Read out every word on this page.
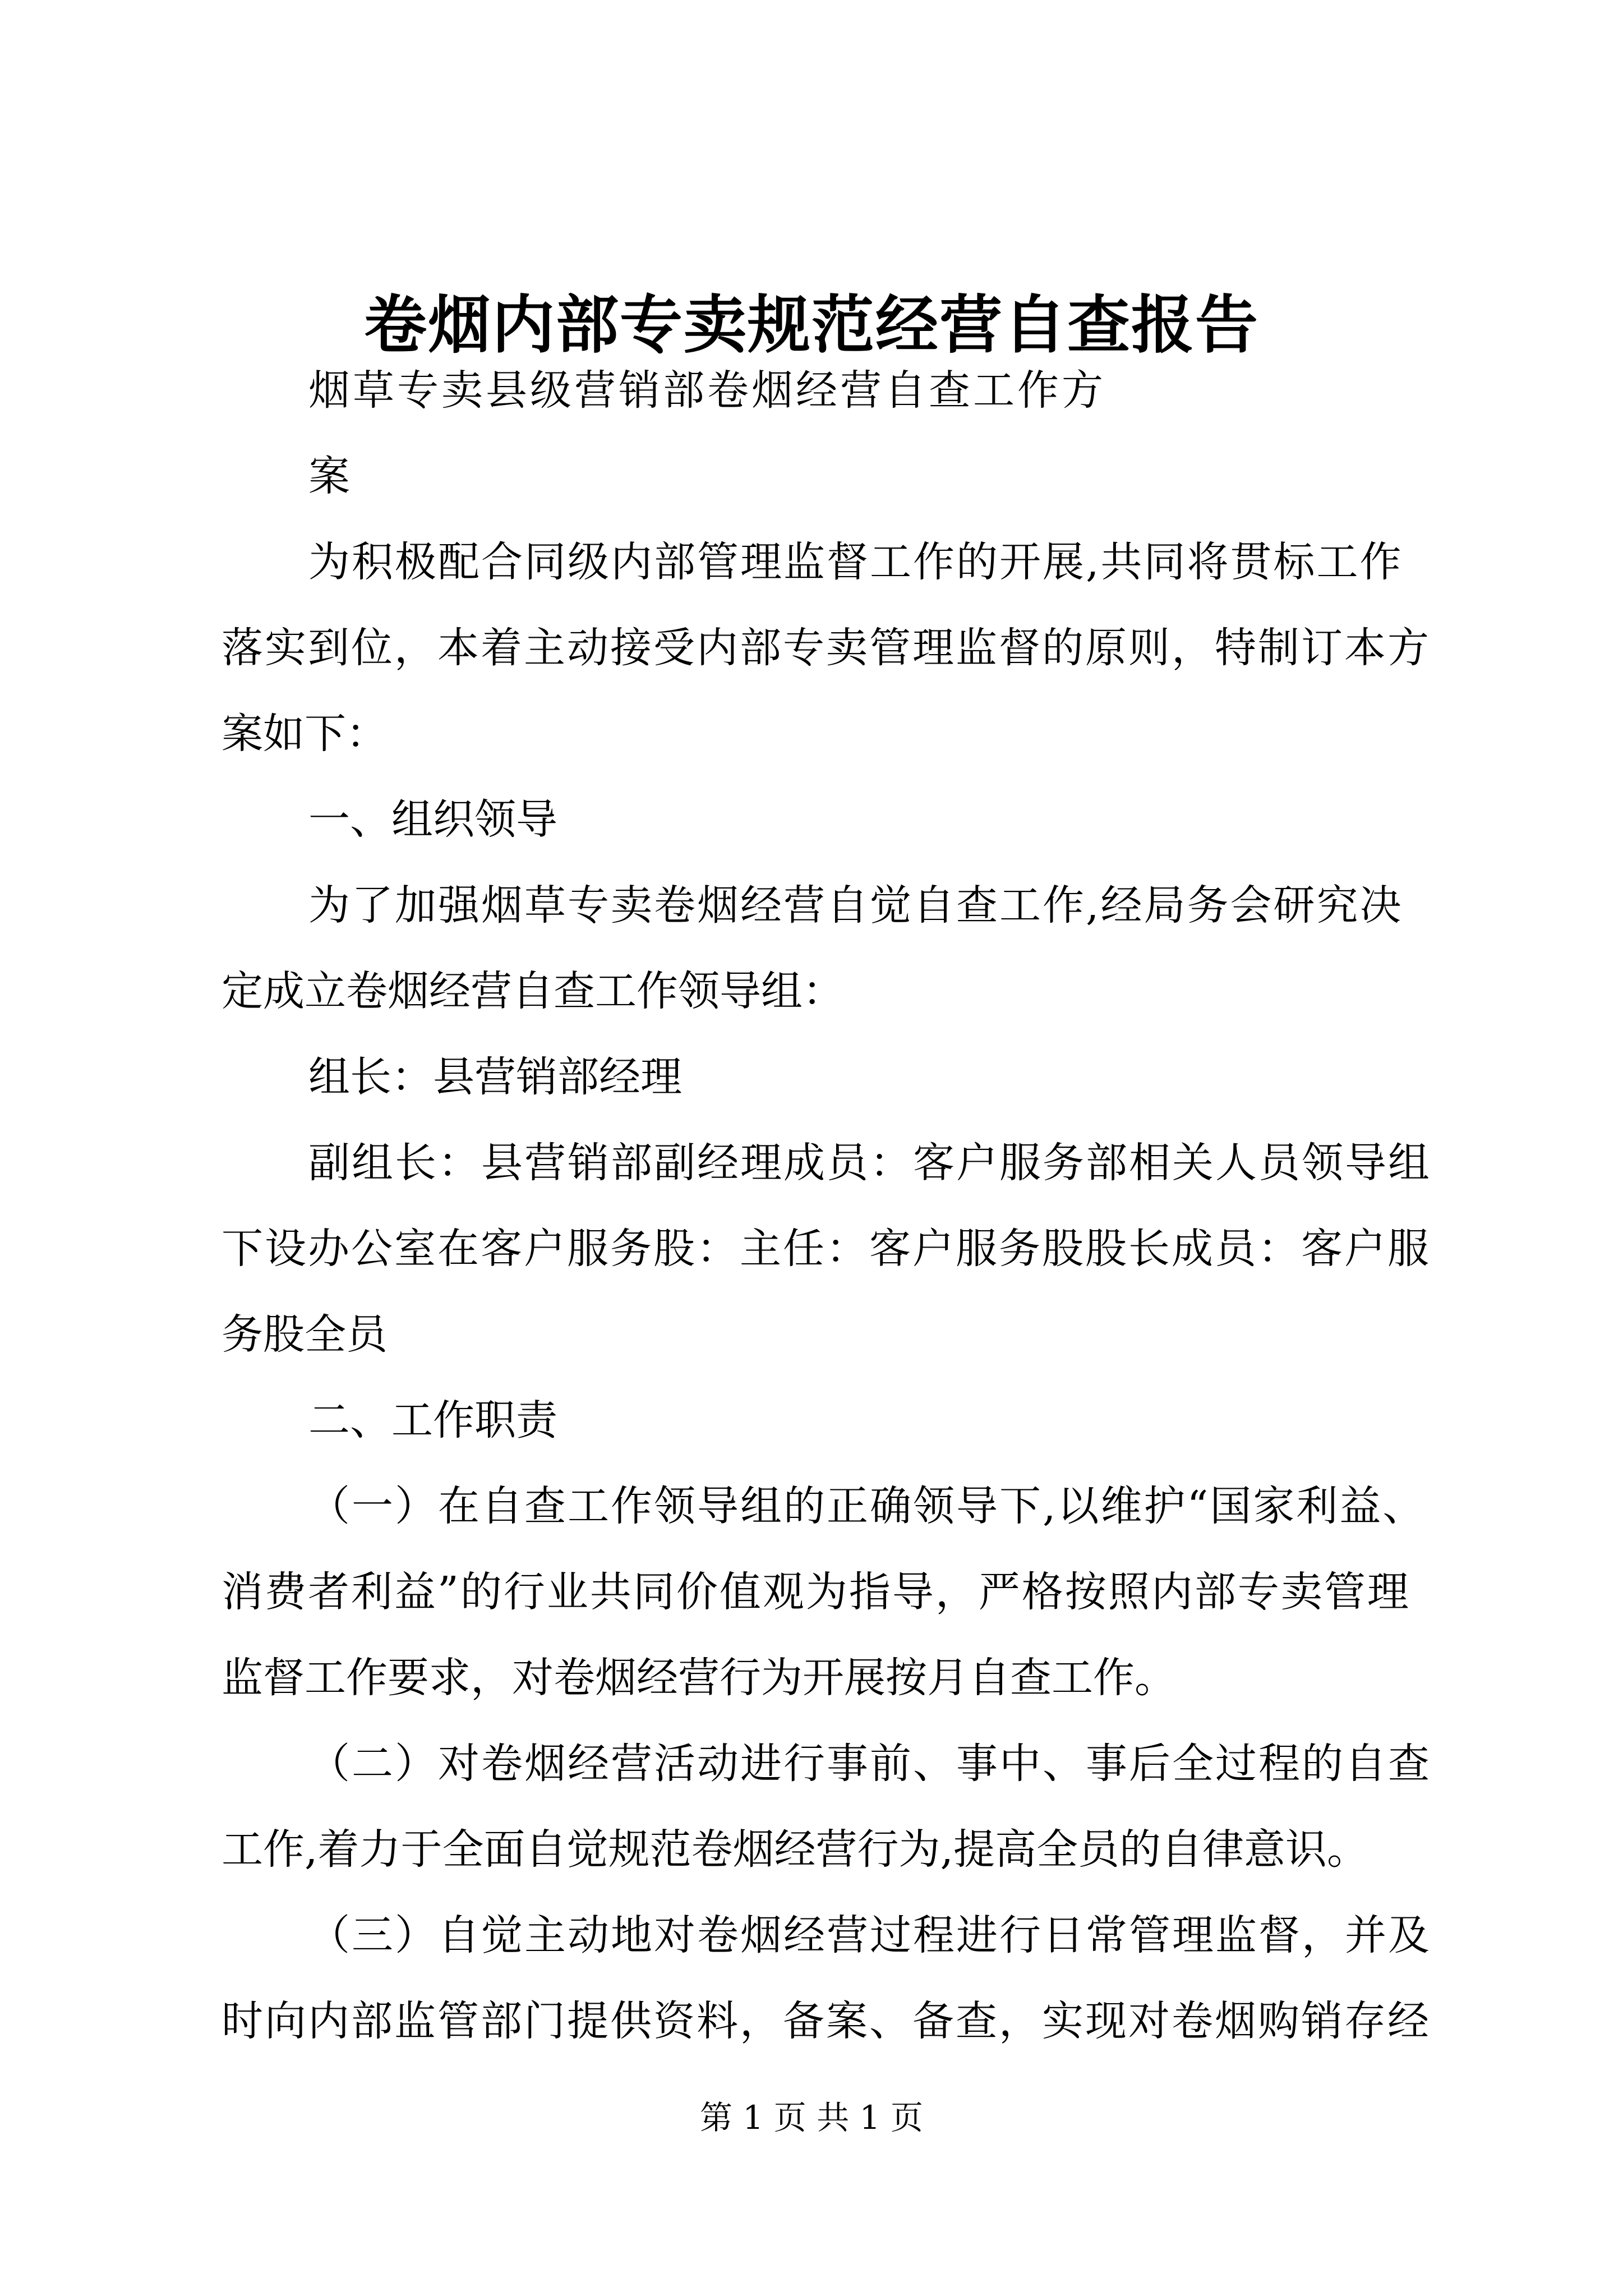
卷烟内部专卖规范经营自查报告
烟草专卖县级营销部卷烟经营自查工作方
案
为积极配合同级内部管理监督工作的开展,共同将贯标工作
落实到位，本着主动接受内部专卖管理监督的原则，特制订本方
案如下：
一、组织领导
为了加强烟草专卖卷烟经营自觉自查工作,经局务会研究决
定成立卷烟经营自查工作领导组：
组长：县营销部经理
副组长：县营销部副经理成员：客户服务部相关人员领导组
下设办公室在客户服务股：主任：客户服务股股长成员：客户服
务股全员
二、工作职责
（一）在自查工作领导组的正确领导下,以维护“国家利益、
消费者利益”的行业共同价值观为指导，严格按照内部专卖管理
监督工作要求，对卷烟经营行为开展按月自查工作。
（二）对卷烟经营活动进行事前、事中、事后全过程的自查
工作,着力于全面自觉规范卷烟经营行为,提高全员的自律意识。
（三）自觉主动地对卷烟经营过程进行日常管理监督，并及
时向内部监管部门提供资料，备案、备查，实现对卷烟购销存经
第 1 页 共 1 页
